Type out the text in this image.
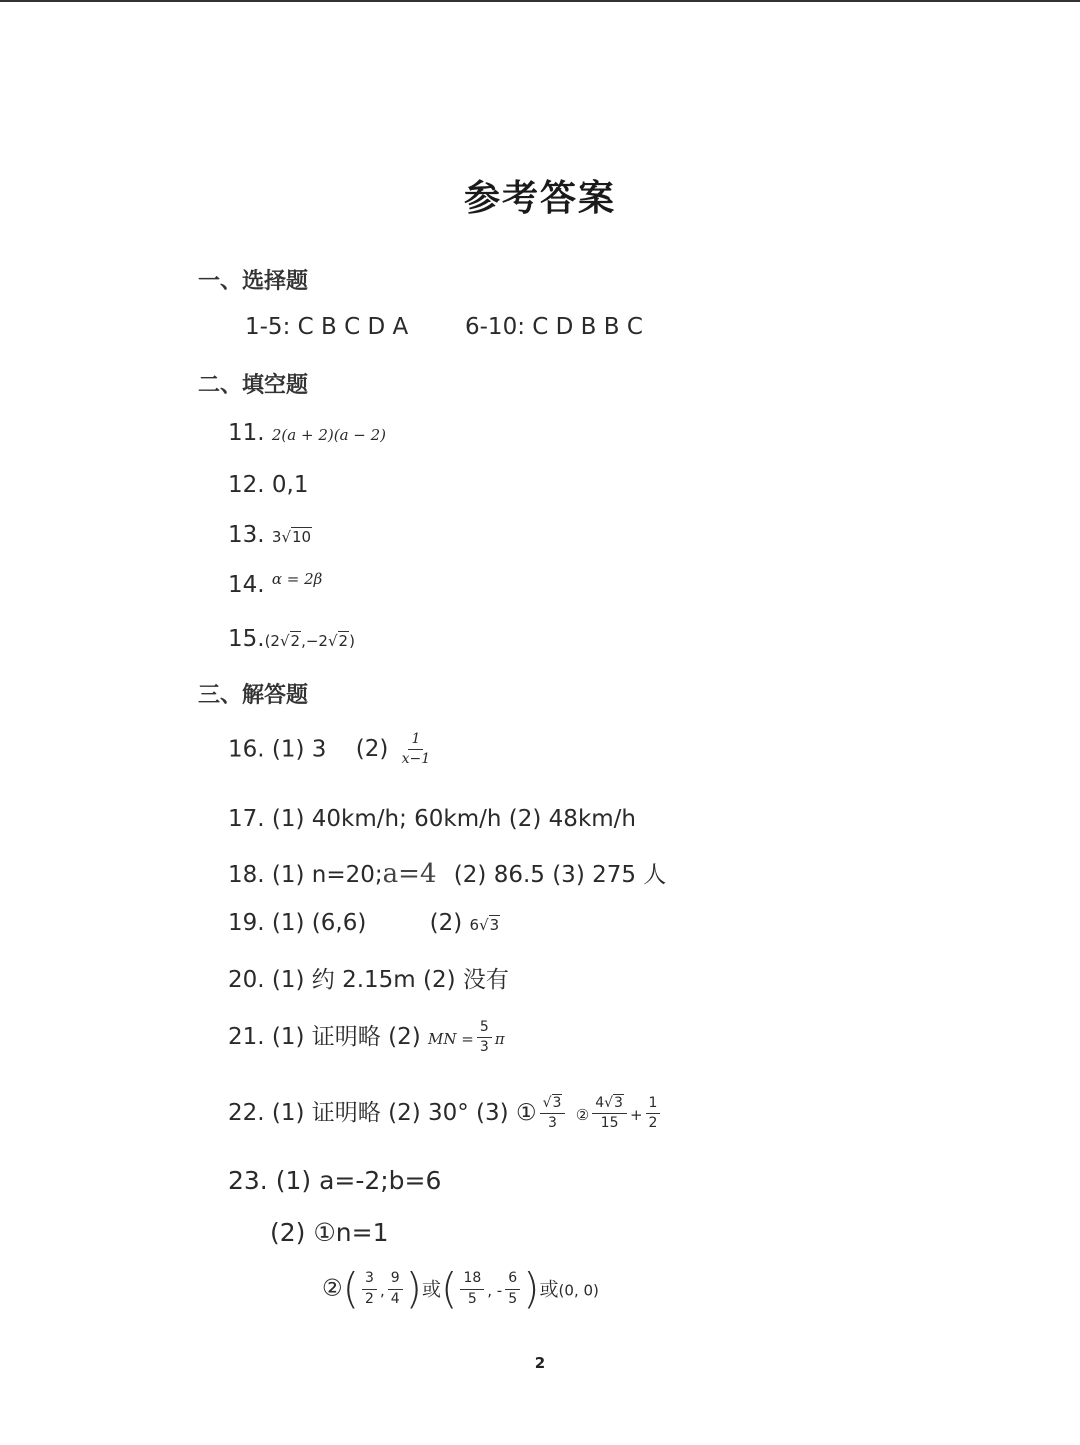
参考答案
一、选择题
1-5: C B C D A 6-10: C D B B C
二、填空题
11. 2(a + 2)(a − 2)
12. 0,1
13. 3√10
14. $^{\alpha = 2\beta}$
15.(2√2,−2√2)
三、解答题
16. (1) 3 $(2) \frac{1}{x-1}$
17. (1) 40km/h; 60km/h (2) 48km/h
18. (1) n=20;a=4 (2) 86.5 (3) 275 人
19. (1) (6,6)	(2) 6√3
20. (1) 约 2.15m (2) 没有
21. (1) 证明略 (2) MN = $\frac{5}{3}$ π
22. (1) 证明略 (2) 30° (3) ① $\frac{√3}{3}$ ② $\frac{4√3}{15} + \frac{1}{2}$
23. (1) a=-2;b=6
(2) ①n=1
②( $\frac{3}{2}$ , $\frac{9}{4}$ )或( $\frac{18}{5}$ , - $\frac{6}{5}$ )或(0, 0)
2
